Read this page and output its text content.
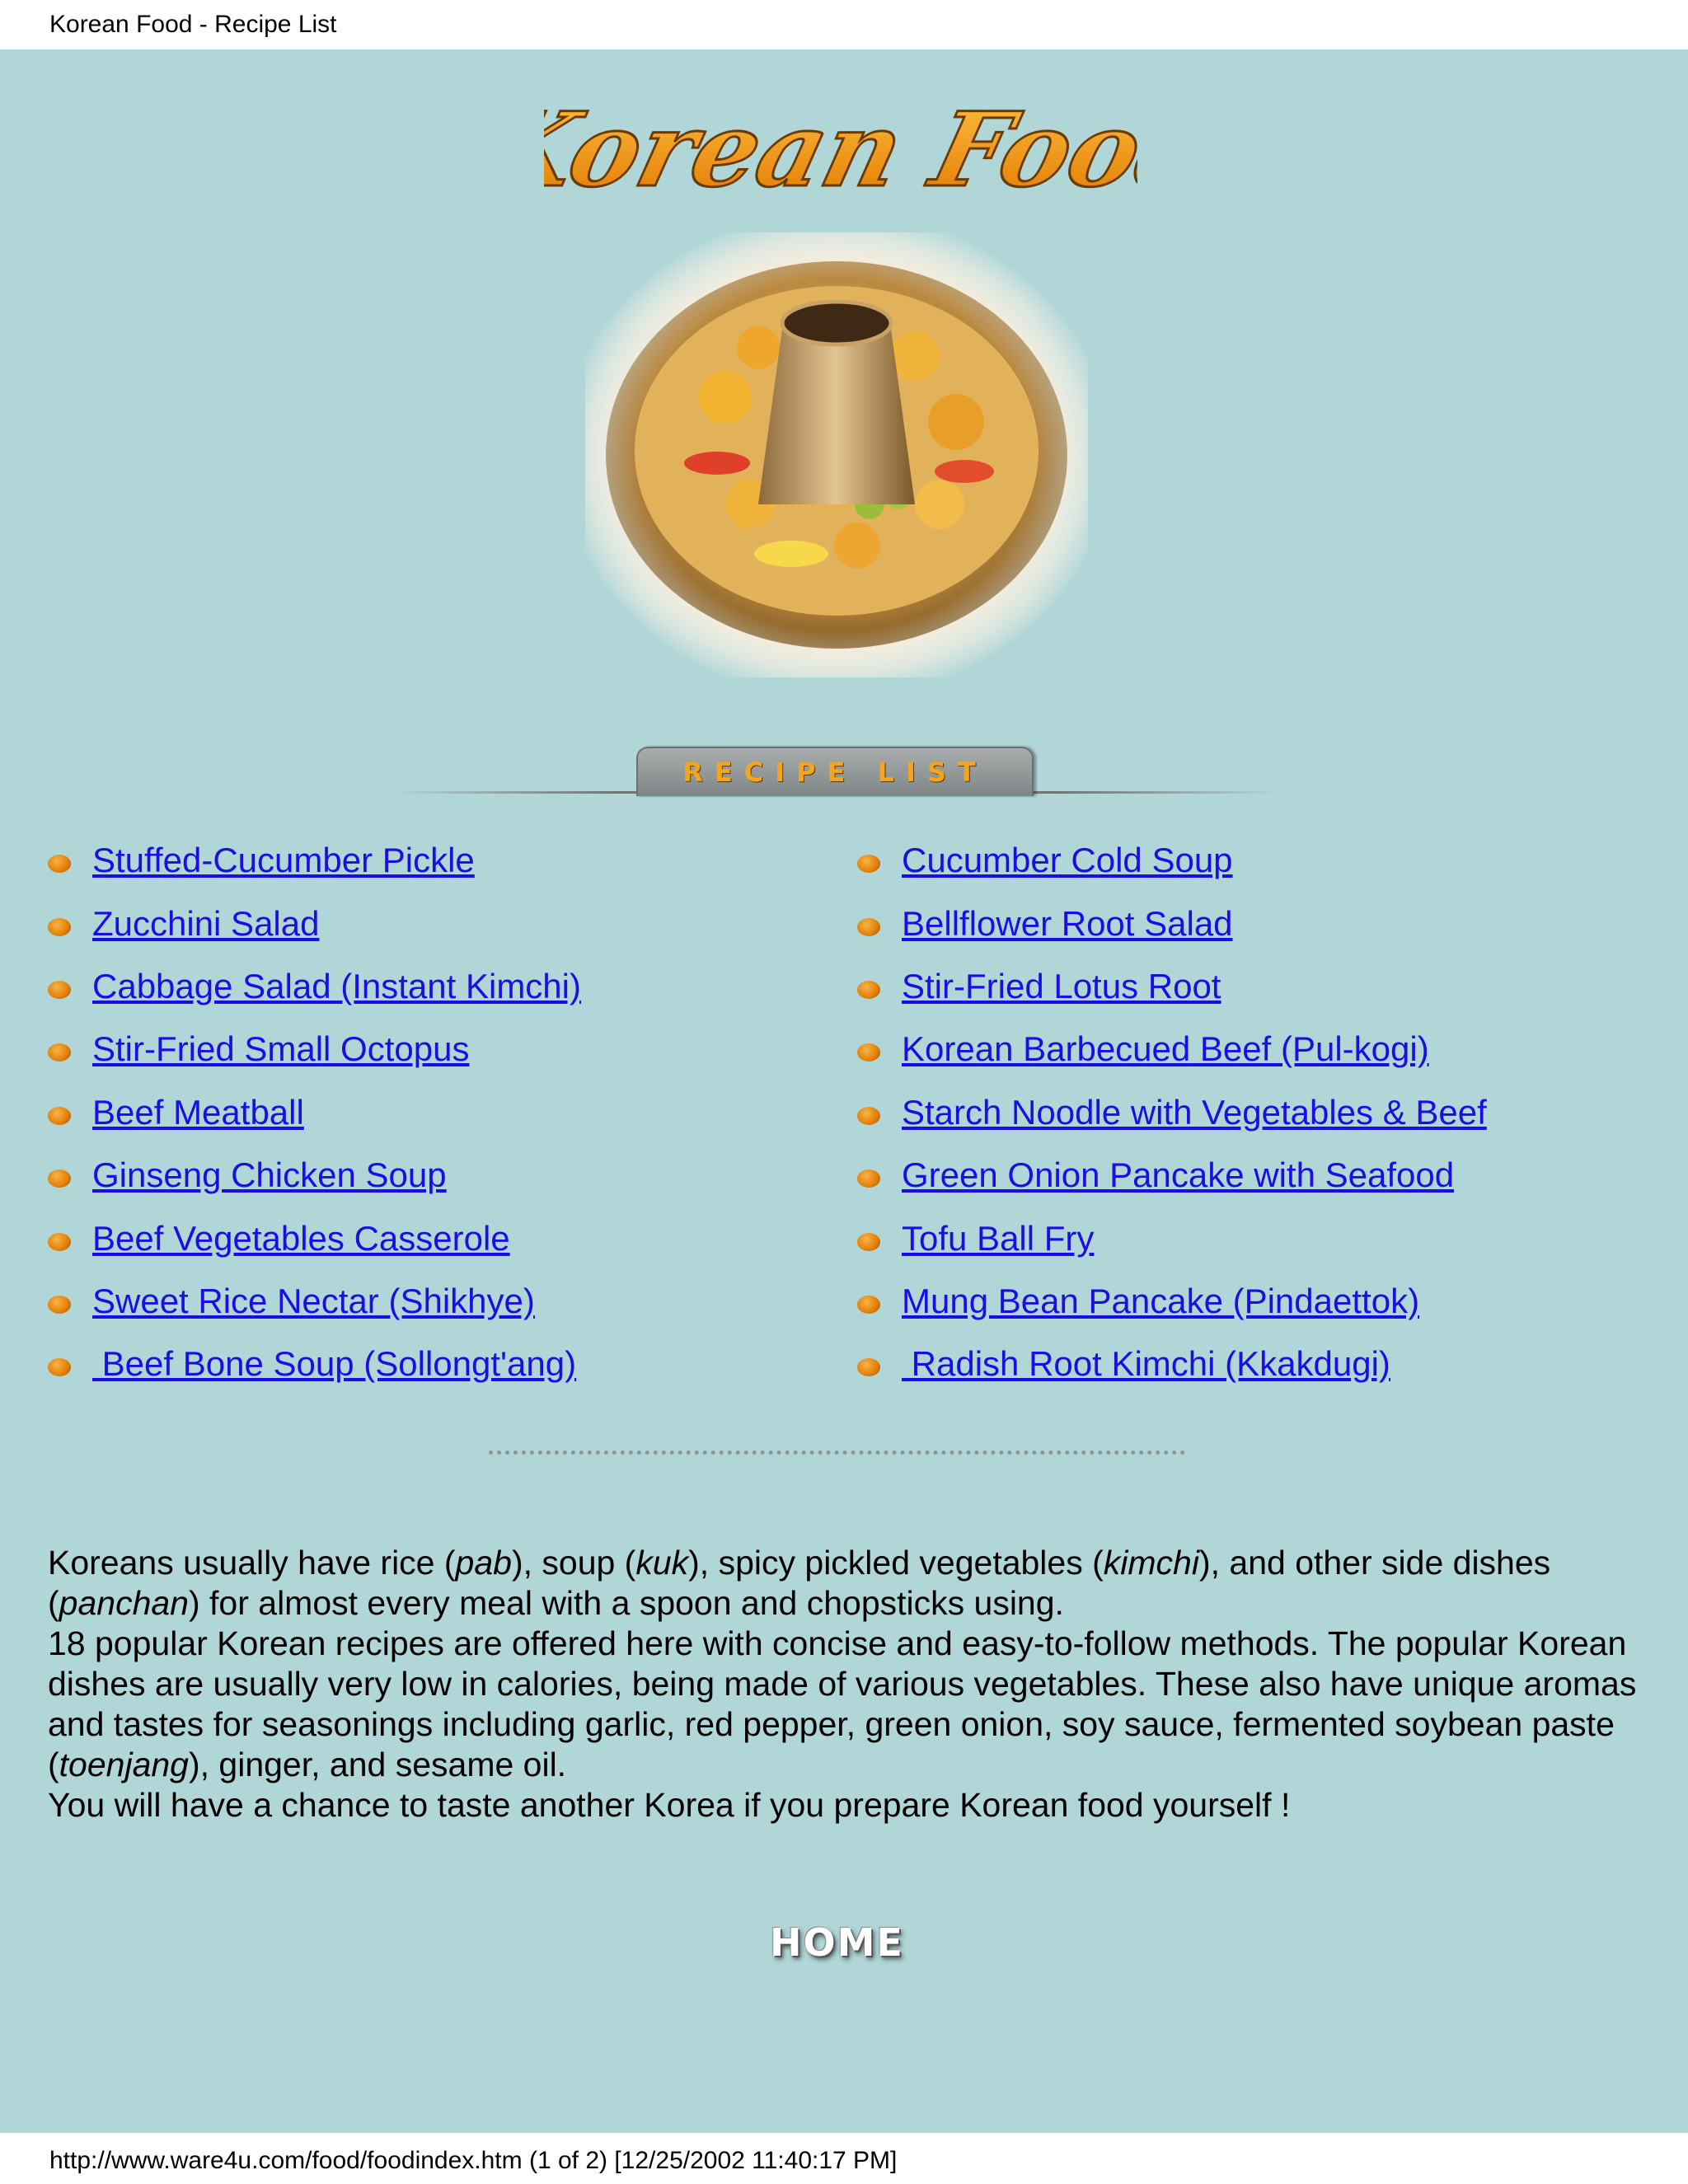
Korean Food - Recipe List
​
Korean Food
RECIPE LIST
Stuffed-Cucumber Pickle
Zucchini Salad
Cabbage Salad (Instant Kimchi)
Stir-Fried Small Octopus
Beef Meatball
Ginseng Chicken Soup
Beef Vegetables Casserole
Sweet Rice Nectar (Shikhye)
Beef Bone Soup (Sollongt'ang)
Cucumber Cold Soup
Bellflower Root Salad
Stir-Fried Lotus Root
Korean Barbecued Beef (Pul-kogi)
Starch Noodle with Vegetables & Beef
Green Onion Pancake with Seafood
Tofu Ball Fry
Mung Bean Pancake (Pindaettok)
Radish Root Kimchi (Kkakdugi)

Koreans usually have rice (pab), soup (kuk), spicy pickled vegetables (kimchi), and other side dishes (panchan) for almost every meal with a spoon and chopsticks using.

18 popular Korean recipes are offered here with concise and easy-to-follow methods. The popular Korean dishes are usually very low in calories, being made of various vegetables. These also have unique aromas and tastes for seasonings including garlic, red pepper, green onion, soy sauce, fermented soybean paste (toenjang), ginger, and sesame oil.

You will have a chance to taste another Korea if you prepare Korean food yourself !

HOME
http://www.ware4u.com/food/foodindex.htm (1 of 2) [12/25/2002 11:40:17 PM]
